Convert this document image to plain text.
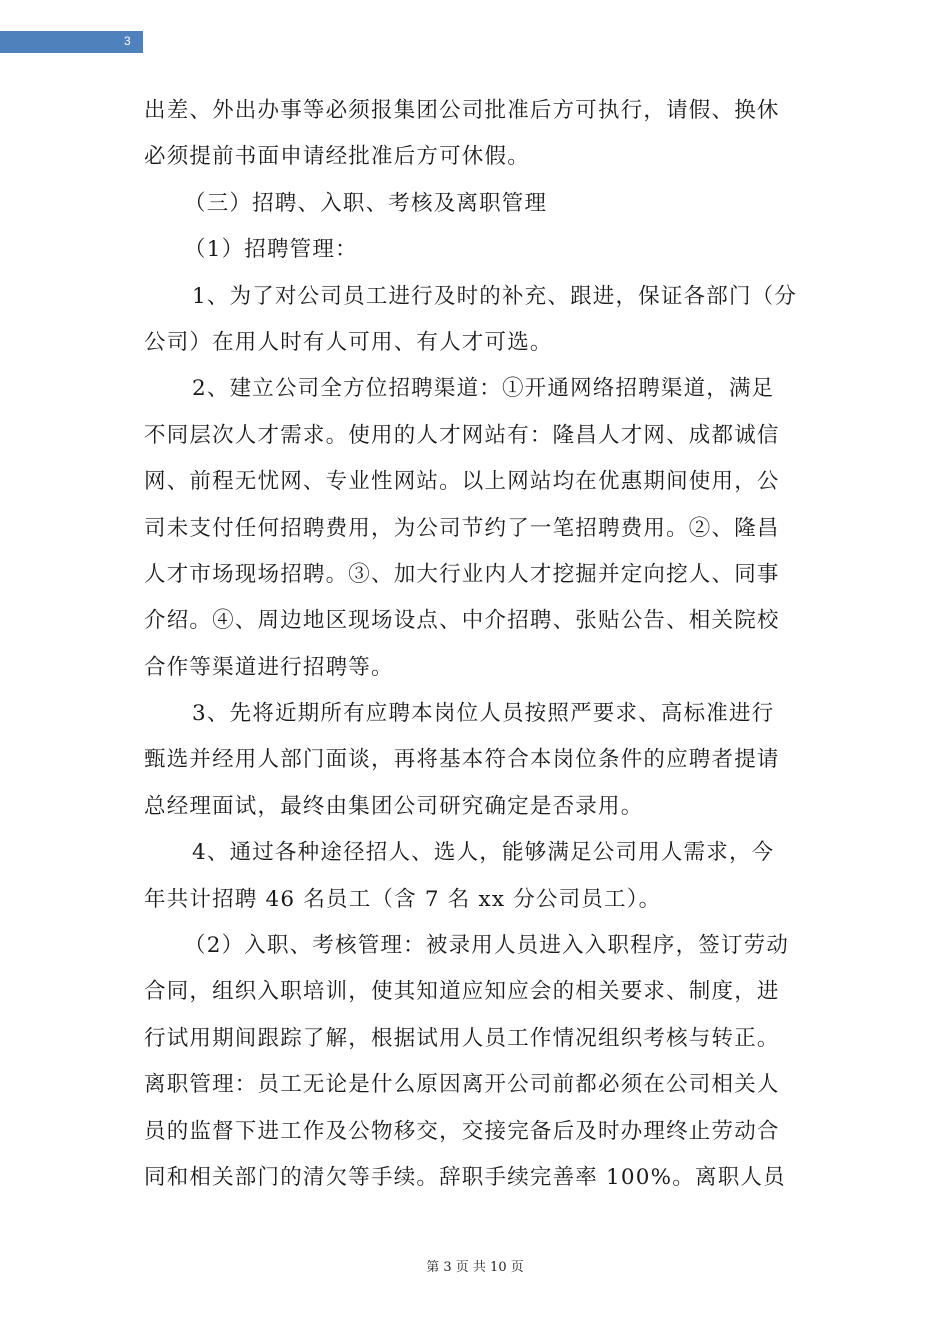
3
出差、外出办事等必须报集团公司批准后方可执行，请假、换休
必须提前书面申请经批准后方可休假。
（三）招聘、入职、考核及离职管理
（1）招聘管理：
1、为了对公司员工进行及时的补充、跟进，保证各部门（分
公司）在用人时有人可用、有人才可选。
2、建立公司全方位招聘渠道：①开通网络招聘渠道，满足
不同层次人才需求。使用的人才网站有：隆昌人才网、成都诚信
网、前程无忧网、专业性网站。以上网站均在优惠期间使用，公
司未支付任何招聘费用，为公司节约了一笔招聘费用。②、隆昌
人才市场现场招聘。③、加大行业内人才挖掘并定向挖人、同事
介绍。④、周边地区现场设点、中介招聘、张贴公告、相关院校
合作等渠道进行招聘等。
3、先将近期所有应聘本岗位人员按照严要求、高标准进行
甄选并经用人部门面谈，再将基本符合本岗位条件的应聘者提请
总经理面试，最终由集团公司研究确定是否录用。
4、通过各种途径招人、选人，能够满足公司用人需求，今
年共计招聘 46 名员工（含 7 名 xx 分公司员工）。
（2）入职、考核管理：被录用人员进入入职程序，签订劳动
合同，组织入职培训，使其知道应知应会的相关要求、制度，进
行试用期间跟踪了解，根据试用人员工作情况组织考核与转正。
离职管理：员工无论是什么原因离开公司前都必须在公司相关人
员的监督下进工作及公物移交，交接完备后及时办理终止劳动合
同和相关部门的清欠等手续。辞职手续完善率 100%。离职人员
第 3 页 共 10 页
